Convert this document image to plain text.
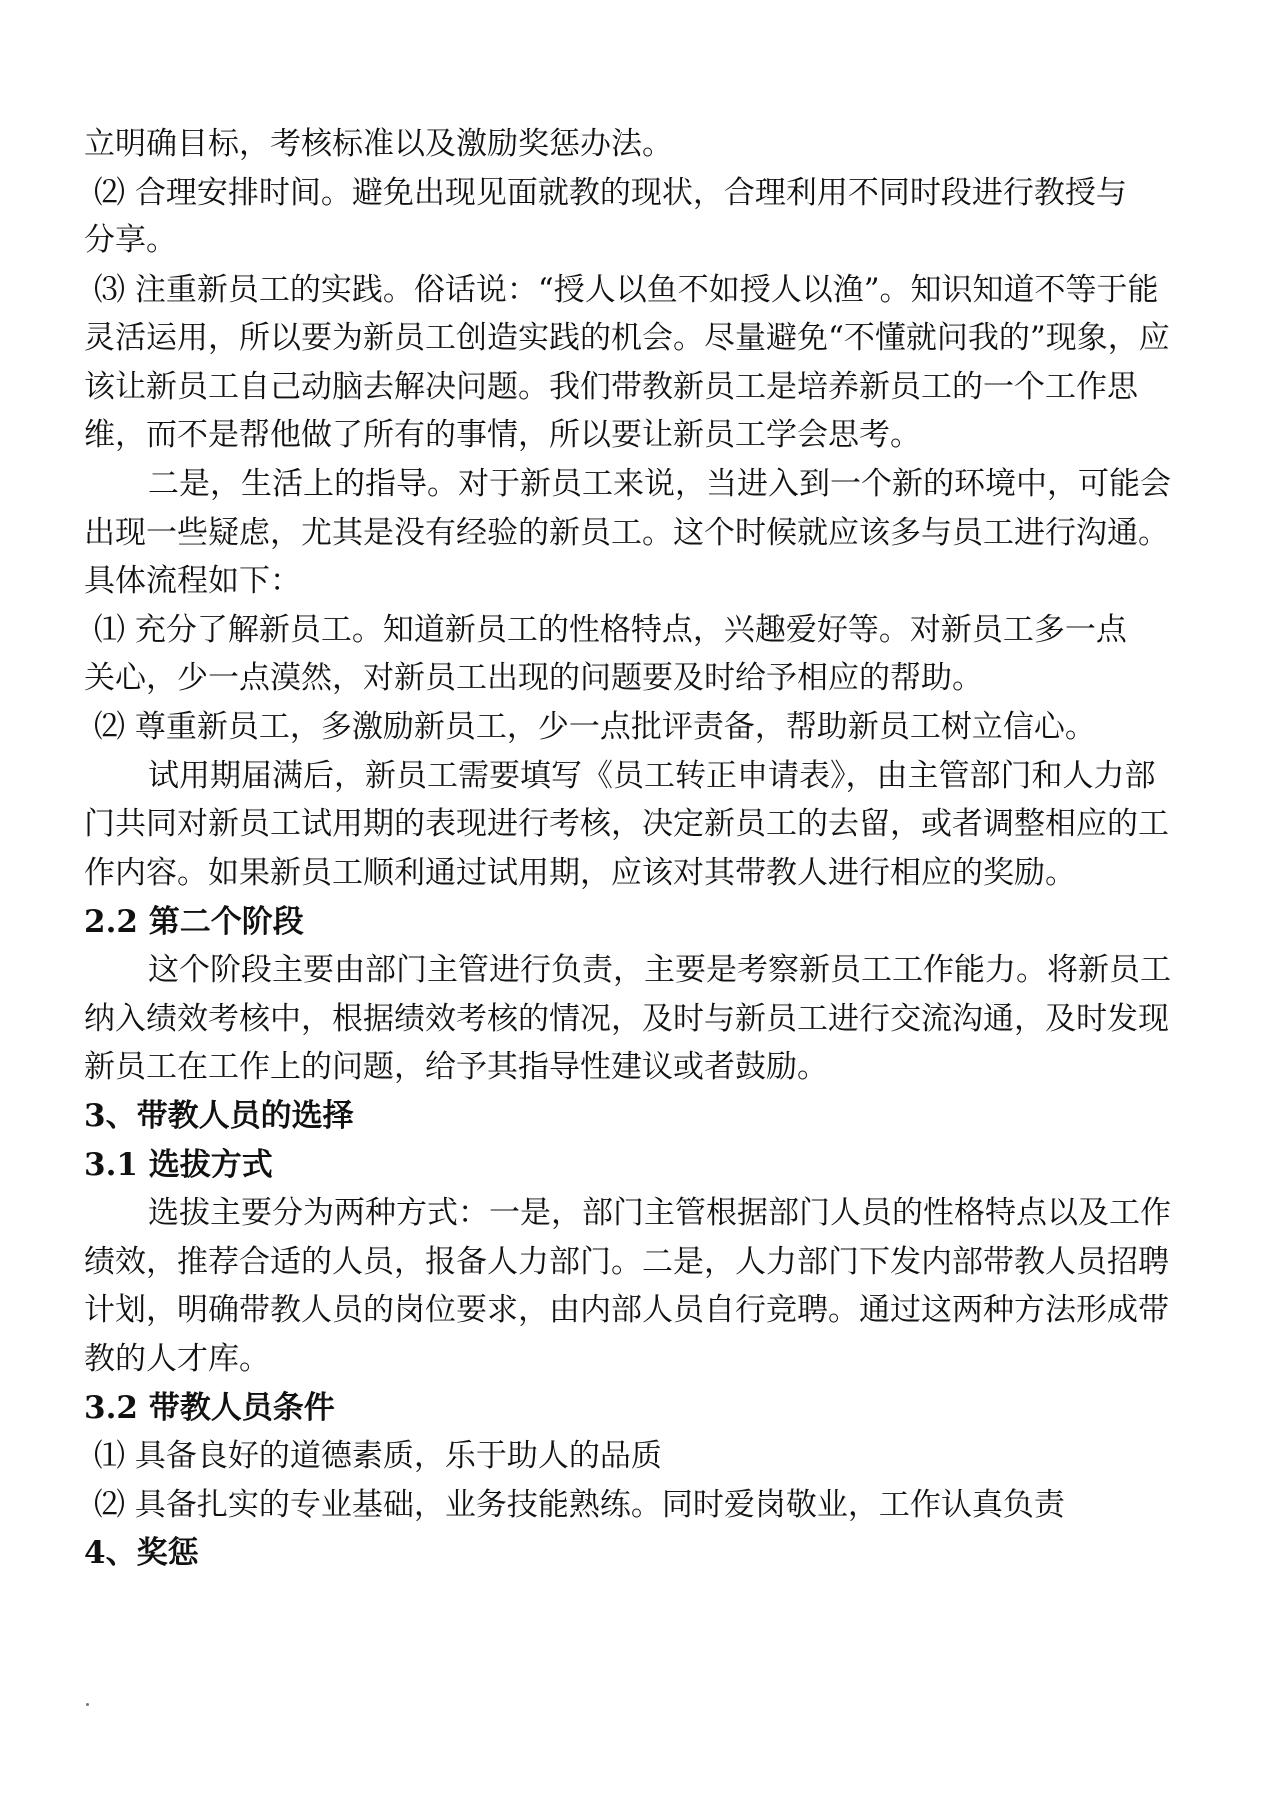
立明确目标，考核标准以及激励奖惩办法。
⑵ 合理安排时间。避免出现见面就教的现状，合理利用不同时段进行教授与
分享。
⑶ 注重新员工的实践。俗话说：“授人以鱼不如授人以渔”。知识知道不等于能
灵活运用，所以要为新员工创造实践的机会。尽量避免“不懂就问我的”现象，应
该让新员工自己动脑去解决问题。我们带教新员工是培养新员工的一个工作思
维，而不是帮他做了所有的事情，所以要让新员工学会思考。
二是，生活上的指导。对于新员工来说，当进入到一个新的环境中，可能会
出现一些疑虑，尤其是没有经验的新员工。这个时候就应该多与员工进行沟通。
具体流程如下：
⑴ 充分了解新员工。知道新员工的性格特点，兴趣爱好等。对新员工多一点
关心，少一点漠然，对新员工出现的问题要及时给予相应的帮助。
⑵ 尊重新员工，多激励新员工，少一点批评责备，帮助新员工树立信心。
试用期届满后，新员工需要填写《员工转正申请表》，由主管部门和人力部
门共同对新员工试用期的表现进行考核，决定新员工的去留，或者调整相应的工
作内容。如果新员工顺利通过试用期，应该对其带教人进行相应的奖励。
2.2 第二个阶段
这个阶段主要由部门主管进行负责，主要是考察新员工工作能力。将新员工
纳入绩效考核中，根据绩效考核的情况，及时与新员工进行交流沟通，及时发现
新员工在工作上的问题，给予其指导性建议或者鼓励。
3、带教人员的选择
3.1 选拔方式
选拔主要分为两种方式：一是，部门主管根据部门人员的性格特点以及工作
绩效，推荐合适的人员，报备人力部门。二是，人力部门下发内部带教人员招聘
计划，明确带教人员的岗位要求，由内部人员自行竞聘。通过这两种方法形成带
教的人才库。
3.2 带教人员条件
⑴ 具备良好的道德素质，乐于助人的品质
⑵ 具备扎实的专业基础，业务技能熟练。同时爱岗敬业，工作认真负责
4、奖惩
